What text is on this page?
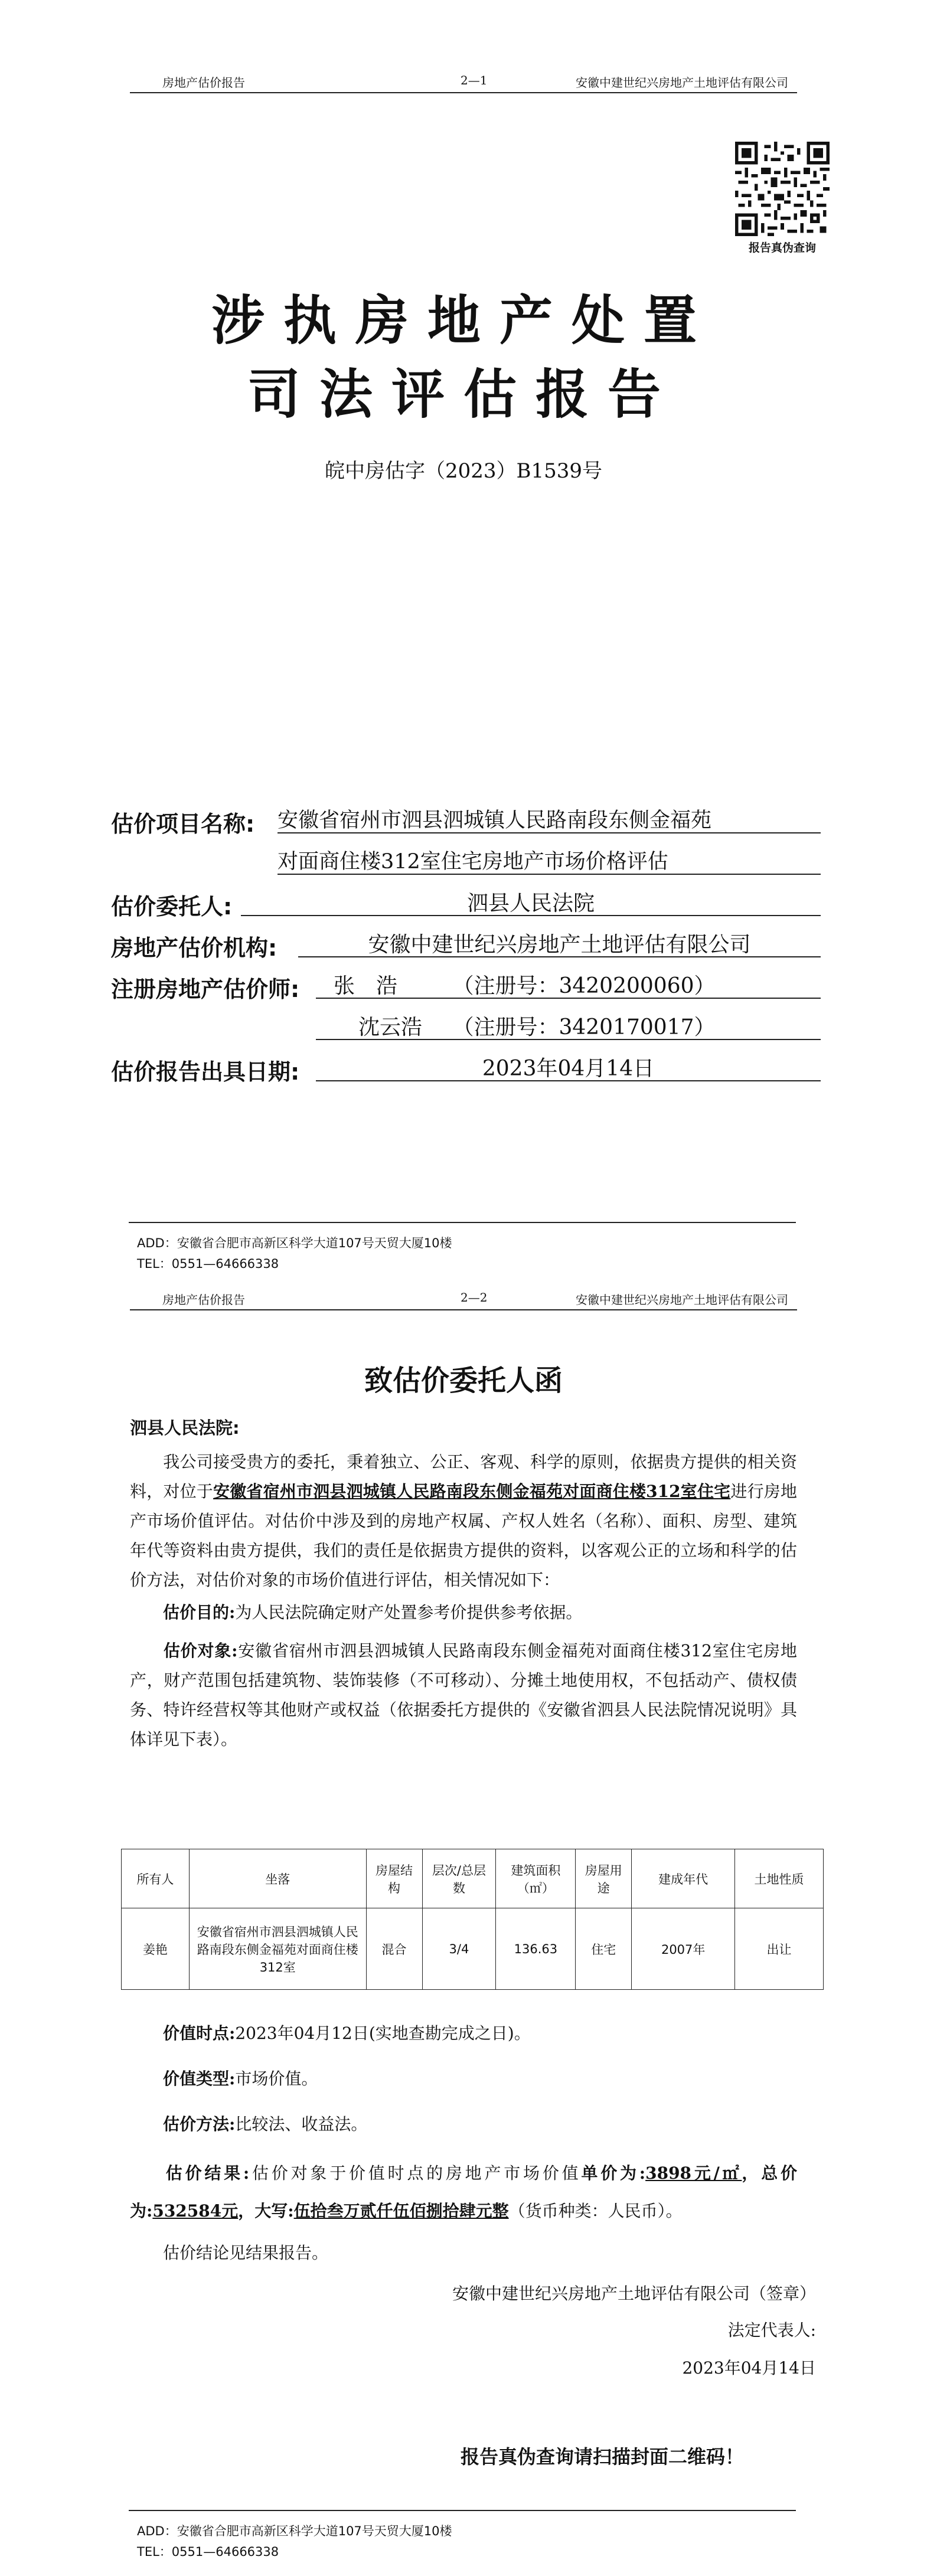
房地产估价报告	2—1	安徽中建世纪兴房地产土地评估有限公司
报告真伪查询
涉执房地产处置
司法评估报告
皖中房估字（2023）B1539号
估价项目名称: 安徽省宿州市泗县泗城镇人民路南段东侧金福苑
对面商住楼312室住宅房地产市场价格评估
估价委托人:	泗县人民法院
房地产估价机构:	安徽中建世纪兴房地产土地评估有限公司
注册房地产估价师:	张　浩	（注册号：3420200060）
沈云浩 （注册号：3420170017）
估价报告出具日期:	2023年04月14日
ADD：安徽省合肥市高新区科学大道107号天贸大厦10楼
TEL：0551—64666338
房地产估价报告	2—2	安徽中建世纪兴房地产土地评估有限公司
致估价委托人函
泗县人民法院:
我公司接受贵方的委托，秉着独立、公正、客观、科学的原则，依据贵方提供的相关资料，对位于安徽省宿州市泗县泗城镇人民路南段东侧金福苑对面商住楼312室住宅进行房地产市场价值评估。对估价中涉及到的房地产权属、产权人姓名（名称）、面积、房型、建筑年代等资料由贵方提供，我们的责任是依据贵方提供的资料，以客观公正的立场和科学的估价方法，对估价对象的市场价值进行评估，相关情况如下：
估价目的:为人民法院确定财产处置参考价提供参考依据。
估价对象:安徽省宿州市泗县泗城镇人民路南段东侧金福苑对面商住楼312室住宅房地产，财产范围包括建筑物、装饰装修（不可移动）、分摊土地使用权，不包括动产、债权债务、特许经营权等其他财产或权益（依据委托方提供的《安徽省泗县人民法院情况说明》具体详见下表）。
所有人	坐落	房屋结构	层次/总层数	建筑面积（㎡）	房屋用途	建成年代	土地性质
姜艳	安徽省宿州市泗县泗城镇人民路南段东侧金福苑对面商住楼312室	混合	3/4	136.63	住宅	2007年	出让
价值时点:2023年04月12日(实地查勘完成之日)。
价值类型:市场价值。
估价方法:比较法、收益法。
估价结果:估价对象于价值时点的房地产市场价值单价为:3898元/㎡，总价为:532584元，大写:伍拾叁万贰仟伍佰捌拾肆元整（货币种类：人民币）。
估价结论见结果报告。
安徽中建世纪兴房地产土地评估有限公司（签章）
法定代表人:
2023年04月14日
报告真伪查询请扫描封面二维码！
ADD：安徽省合肥市高新区科学大道107号天贸大厦10楼
TEL：0551—64666338
